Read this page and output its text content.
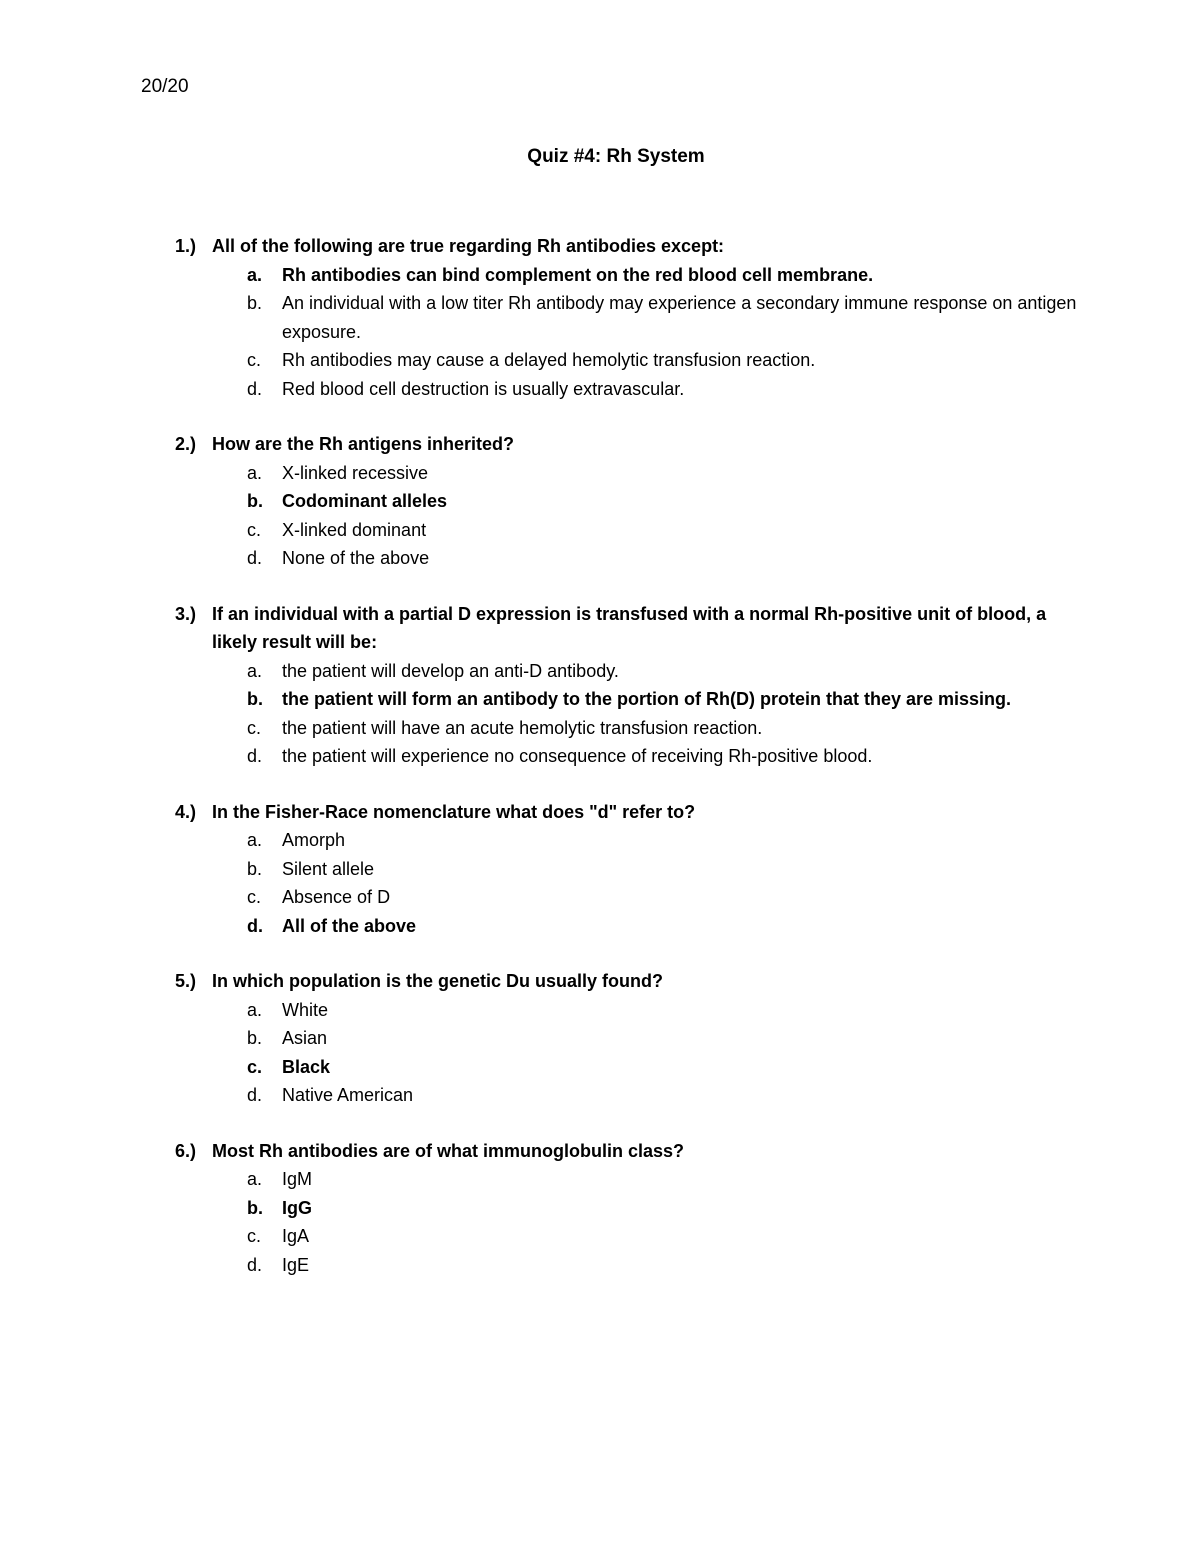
20/20
Quiz #4: Rh System
1.) All of the following are true regarding Rh antibodies except:
a.	Rh antibodies can bind complement on the red blood cell membrane.
b.	An individual with a low titer Rh antibody may experience a secondary immune response on antigen exposure.
c.	Rh antibodies may cause a delayed hemolytic transfusion reaction.
d.	Red blood cell destruction is usually extravascular.
2.) How are the Rh antigens inherited?
a.	X-linked recessive
b.	Codominant alleles
c.	X-linked dominant
d.	None of the above
3.) If an individual with a partial D expression is transfused with a normal Rh-positive unit of blood, a likely result will be:
a.	the patient will develop an anti-D antibody.
b.	the patient will form an antibody to the portion of Rh(D) protein that they are missing.
c.	the patient will have an acute hemolytic transfusion reaction.
d.	the patient will experience no consequence of receiving Rh-positive blood.
4.) In the Fisher-Race nomenclature what does "d" refer to?
a.	Amorph
b.	Silent allele
c.	Absence of D
d.	All of the above
5.) In which population is the genetic Du usually found?
a.	White
b.	Asian
c.	Black
d.	Native American
6.) Most Rh antibodies are of what immunoglobulin class?
a.	IgM
b.	IgG
c.	IgA
d.	IgE
